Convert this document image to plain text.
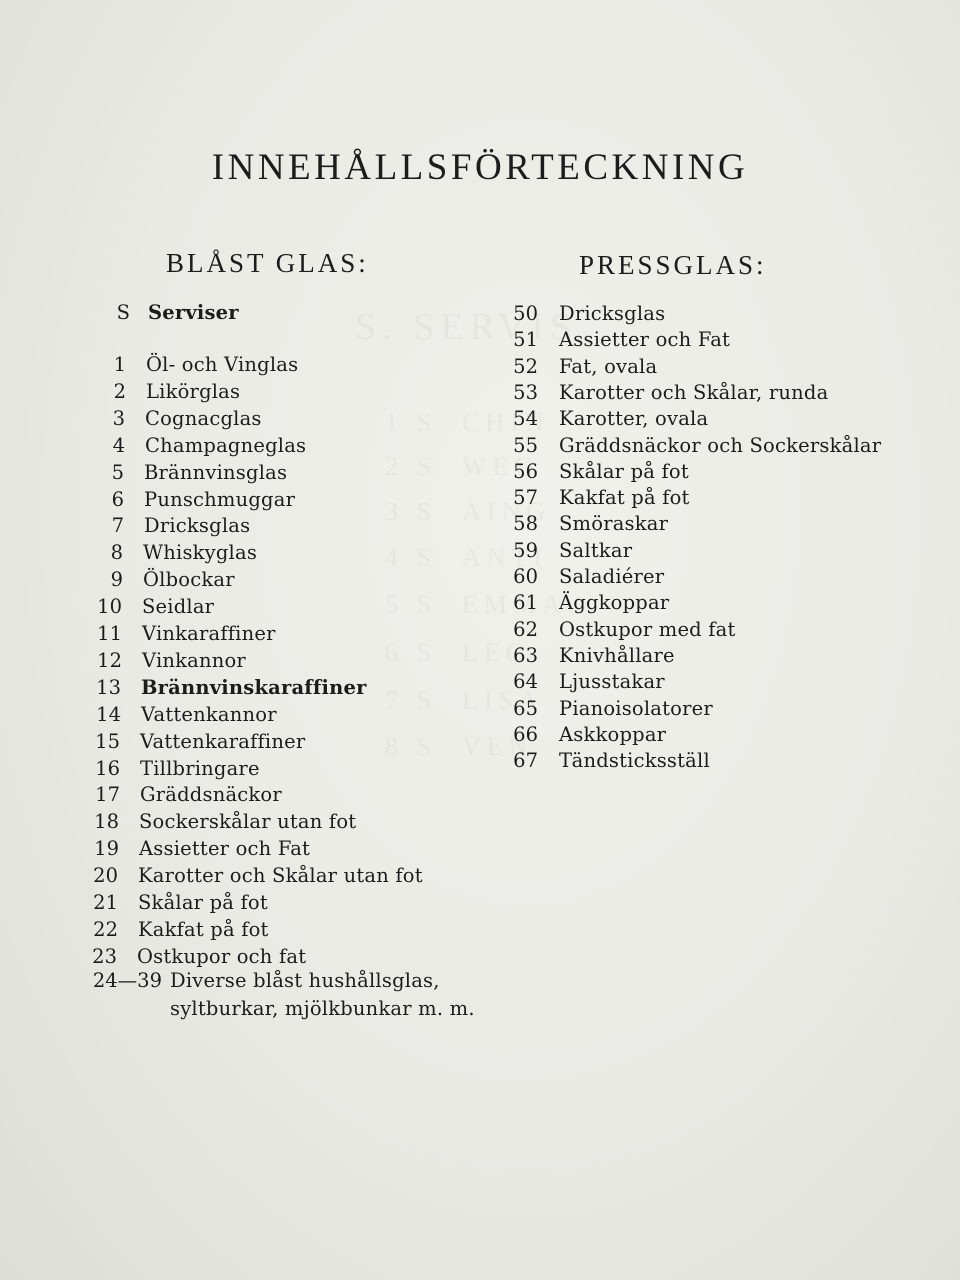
INNEHÅLLSFÖRTECKNING
BLÅST GLAS:	PRESSGLAS:
S Serviser
1 Öl- och Vinglas
2 Likörglas
3 Cognacglas
4 Champagneglas
5 Brännvinsglas
6 Punschmuggar
7 Dricksglas
8 Whiskyglas
9 Ölbockar
10 Seidlar
11 Vinkaraffiner
12 Vinkannor
13 Brännvinskaraffiner
14 Vattenkannor
15 Vattenkaraffiner
16 Tillbringare
17 Gräddsnäckor
18 Sockerskålar utan fot
19 Assietter och Fat
20 Karotter och Skålar utan fot
21 Skålar på fot
22 Kakfat på fot
23 Ostkupor och fat
24—39 Diverse blåst hushållsglas,
syltburkar, mjölkbunkar m. m.
50 Dricksglas
51 Assietter och Fat
52 Fat, ovala
53 Karotter och Skålar, runda
54 Karotter, ovala
55 Gräddsnäckor och Sockerskålar
56 Skålar på fot
57 Kakfat på fot
58 Smöraskar
59 Saltkar
60 Saladiérer
61 Äggkoppar
62 Ostkupor med fat
63 Knivhållare
64 Ljusstakar
65 Pianoisolatorer
66 Askkoppar
67 Tändsticksställ
